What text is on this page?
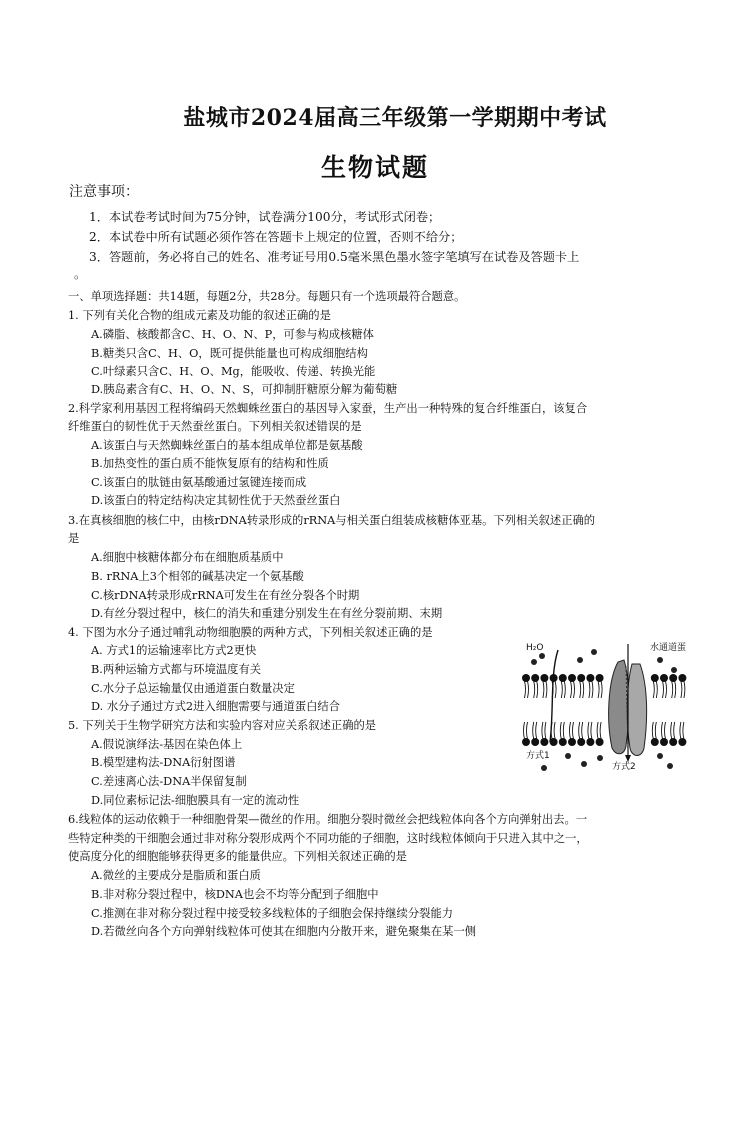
盐城市2024届高三年级第一学期期中考试
生物试题
注意事项：
1．本试卷考试时间为75分钟，试卷满分100分，考试形式闭卷；
2．本试卷中所有试题必须作答在答题卡上规定的位置，否则不给分；
3．答题前，务必将自己的姓名、准考证号用0.5毫米黑色墨水签字笔填写在试卷及答题卡上
。
一、单项选择题：共14题，每题2分，共28分。每题只有一个选项最符合题意。
1. 下列有关化合物的组成元素及功能的叙述正确的是
A.磷脂、核酸都含C、H、O、N、P，可参与构成核糖体
B.糖类只含C、H、O，既可提供能量也可构成细胞结构
C.叶绿素只含C、H、O、Mg，能吸收、传递、转换光能
D.胰岛素含有C、H、O、N、S，可抑制肝糖原分解为葡萄糖
2.科学家利用基因工程将编码天然蜘蛛丝蛋白的基因导入家蚕，生产出一种特殊的复合纤维蛋白，该复合
纤维蛋白的韧性优于天然蚕丝蛋白。下列相关叙述错误的是
A.该蛋白与天然蜘蛛丝蛋白的基本组成单位都是氨基酸
B.加热变性的蛋白质不能恢复原有的结构和性质
C.该蛋白的肽链由氨基酸通过氢键连接而成
D.该蛋白的特定结构决定其韧性优于天然蚕丝蛋白
3.在真核细胞的核仁中，由核rDNA转录形成的rRNA与相关蛋白组装成核糖体亚基。下列相关叙述正确的
是
A.细胞中核糖体都分布在细胞质基质中
B. rRNA上3个相邻的碱基决定一个氨基酸
C.核rDNA转录形成rRNA可发生在有丝分裂各个时期
D.有丝分裂过程中，核仁的消失和重建分别发生在有丝分裂前期、末期
4. 下图为水分子通过哺乳动物细胞膜的两种方式，下列相关叙述正确的是
A. 方式1的运输速率比方式2更快
B.两种运输方式都与环境温度有关
C.水分子总运输量仅由通道蛋白数量决定
D. 水分子通过方式2进入细胞需要与通道蛋白结合
5. 下列关于生物学研究方法和实验内容对应关系叙述正确的是
A.假说演绎法-基因在染色体上
B.模型建构法-DNA衍射图谱
C.差速离心法-DNA半保留复制
D.同位素标记法-细胞膜具有一定的流动性
6.线粒体的运动依赖于一种细胞骨架—微丝的作用。细胞分裂时微丝会把线粒体向各个方向弹射出去。一
些特定种类的干细胞会通过非对称分裂形成两个不同功能的子细胞，这时线粒体倾向于只进入其中之一，
使高度分化的细胞能够获得更多的能量供应。下列相关叙述正确的是
A.微丝的主要成分是脂质和蛋白质
B.非对称分裂过程中，核DNA也会不均等分配到子细胞中
C.推测在非对称分裂过程中接受较多线粒体的子细胞会保持继续分裂能力
D.若微丝向各个方向弹射线粒体可使其在细胞内分散开来，避免聚集在某一侧
H₂O	水通道蛋
方式1
方式2
